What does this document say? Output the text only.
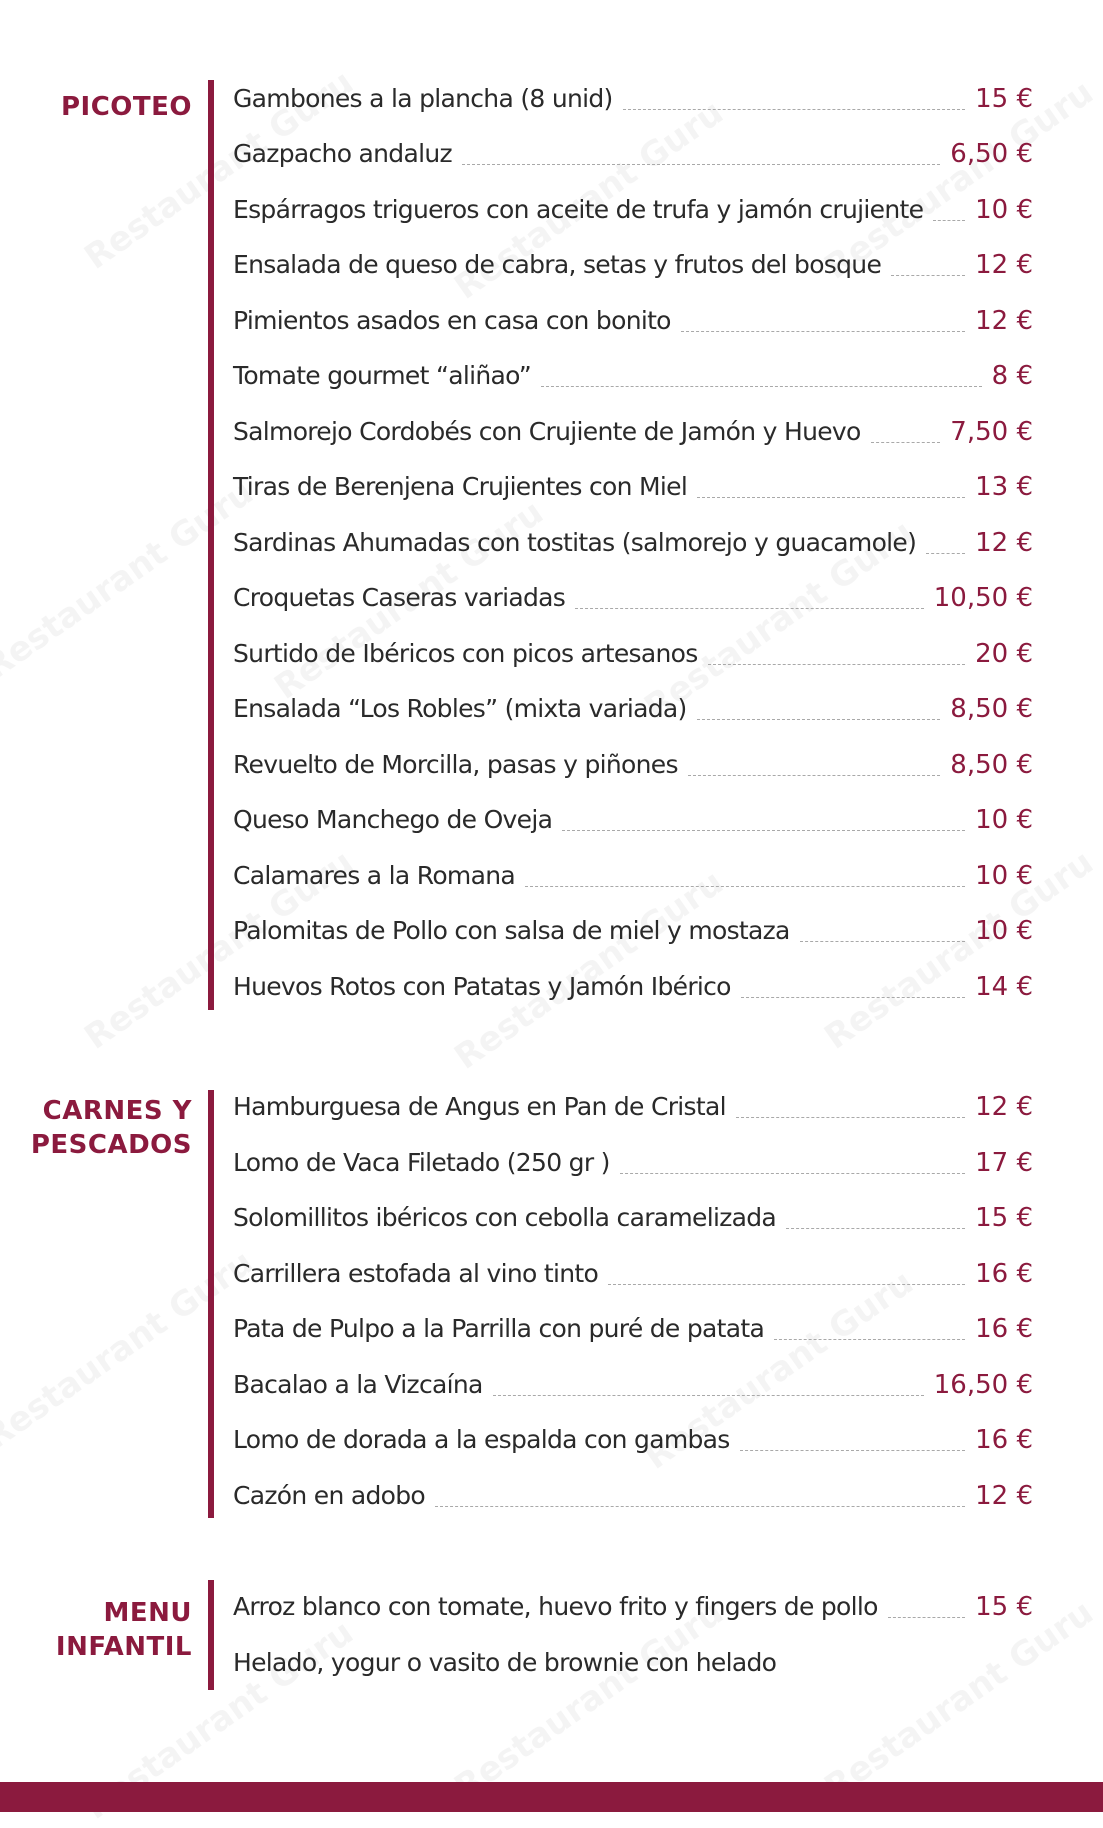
PICOTEO Gambones a la plancha (8 unid)	15 €
Gazpacho andaluz	6,50 €
Espárragos trigueros con aceite de trufa y jamón crujiente 10 €
Ensalada de queso de cabra, setas y frutos del bosque	12 €
Pimientos asados en casa con bonito	12 €
Tomate gourmet “aliñao”	8 €
Salmorejo Cordobés con Crujiente de Jamón y Huevo	7,50 €
Tiras de Berenjena Crujientes con Miel	13 €
Sardinas Ahumadas con tostitas (salmorejo y guacamole) 12 €
Croquetas Caseras variadas	10,50 €
Surtido de Ibéricos con picos artesanos	20 €
Ensalada “Los Robles” (mixta variada)	8,50 €
Revuelto de Morcilla, pasas y piñones	8,50 €
Queso Manchego de Oveja	10 €
Calamares a la Romana	10 €
Palomitas de Pollo con salsa de miel y mostaza	10 €
Huevos Rotos con Patatas y Jamón Ibérico	14 €
CARNES Y
PESCADOS
Hamburguesa de Angus en Pan de Cristal	12 €
Lomo de Vaca Filetado (250 gr )	17 €
Solomillitos ibéricos con cebolla caramelizada	15 €
Carrillera estofada al vino tinto	16 €
Pata de Pulpo a la Parrilla con puré de patata	16 €
Bacalao a la Vizcaína	16,50 €
Lomo de dorada a la espalda con gambas	16 €
Cazón en adobo	12 €
MENU
INFANTIL
Arroz blanco con tomate, huevo frito y fingers de pollo	15 €
Helado, yogur o vasito de brownie con helado
